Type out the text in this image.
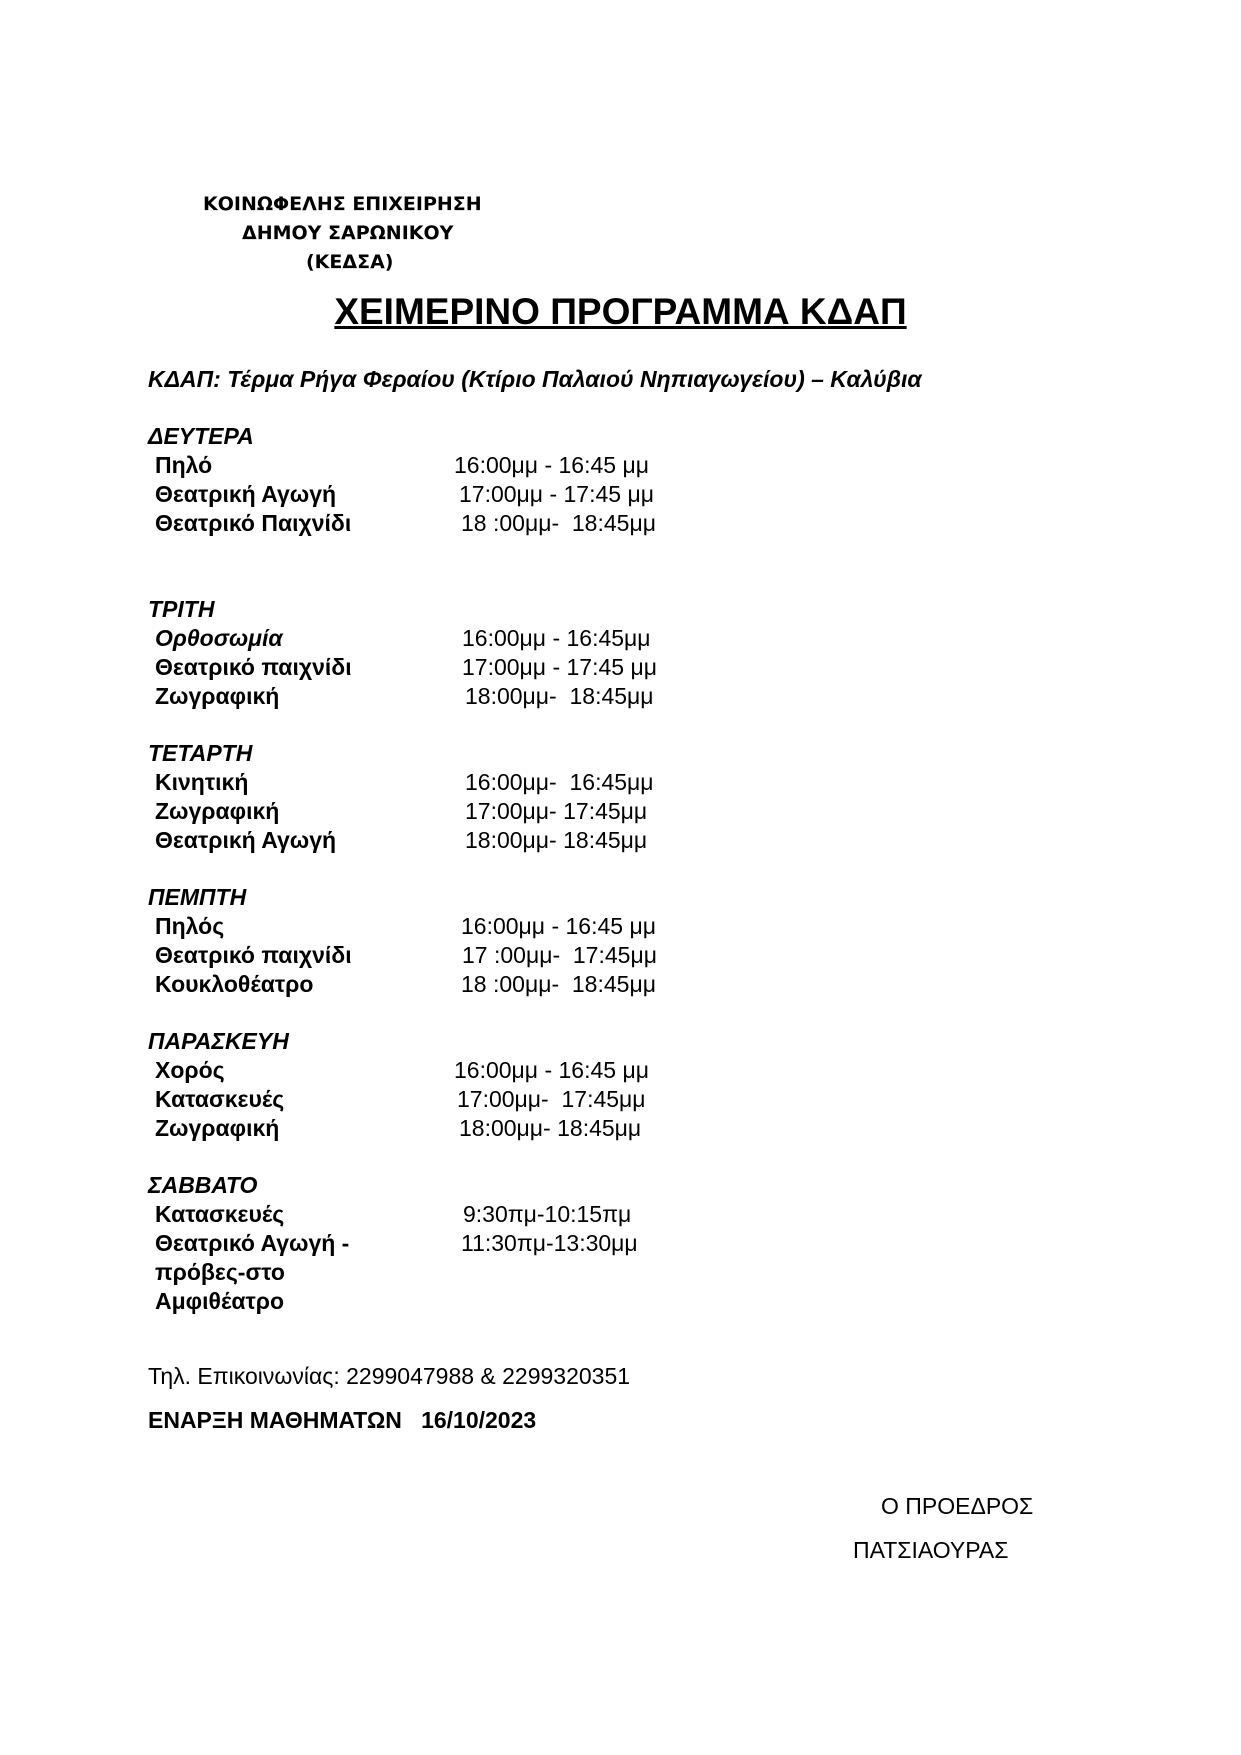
ΚΟΙΝΩΦΕΛΗΣ ΕΠΙΧΕΙΡΗΣΗ
ΔΗΜΟΥ ΣΑΡΩΝΙΚΟΥ
(ΚΕΔΣΑ)
ΧΕΙΜΕΡΙΝΟ ΠΡΟΓΡΑΜΜΑ ΚΔΑΠ
ΚΔΑΠ: Τέρμα Ρήγα Φεραίου (Κτίριο Παλαιού Νηπιαγωγείου) – Καλύβια
ΔΕΥΤΕΡΑ
Πηλό	16:00μμ - 16:45 μμ
Θεατρική Αγωγή	17:00μμ - 17:45 μμ
Θεατρικό Παιχνίδι	18 :00μμ-  18:45μμ
ΤΡΙΤΗ
Ορθοσωμία	16:00μμ - 16:45μμ
Θεατρικό παιχνίδι	17:00μμ - 17:45 μμ
Ζωγραφική	18:00μμ-  18:45μμ
ΤΕΤΑΡΤΗ
Κινητική	16:00μμ-  16:45μμ
Ζωγραφική	17:00μμ- 17:45μμ
Θεατρική Αγωγή	18:00μμ- 18:45μμ
ΠΕΜΠΤΗ
Πηλός	16:00μμ - 16:45 μμ
Θεατρικό παιχνίδι	17 :00μμ-  17:45μμ
Κουκλοθέατρο	18 :00μμ-  18:45μμ
ΠΑΡΑΣΚΕΥΗ
Χορός	16:00μμ - 16:45 μμ
Κατασκευές	17:00μμ-  17:45μμ
Ζωγραφική	18:00μμ- 18:45μμ
ΣΑΒΒΑΤΟ
Κατασκευές	9:30πμ-10:15πμ
Θεατρικό Αγωγή -	11:30πμ-13:30μμ
πρόβες-στο
Αμφιθέατρο
Τηλ. Επικοινωνίας: 2299047988 & 2299320351
ΕΝΑΡΞΗ ΜΑΘΗΜΑΤΩΝ   16/10/2023
Ο ΠΡΟΕΔΡΟΣ
ΠΑΤΣΙΑΟΥΡΑΣ
